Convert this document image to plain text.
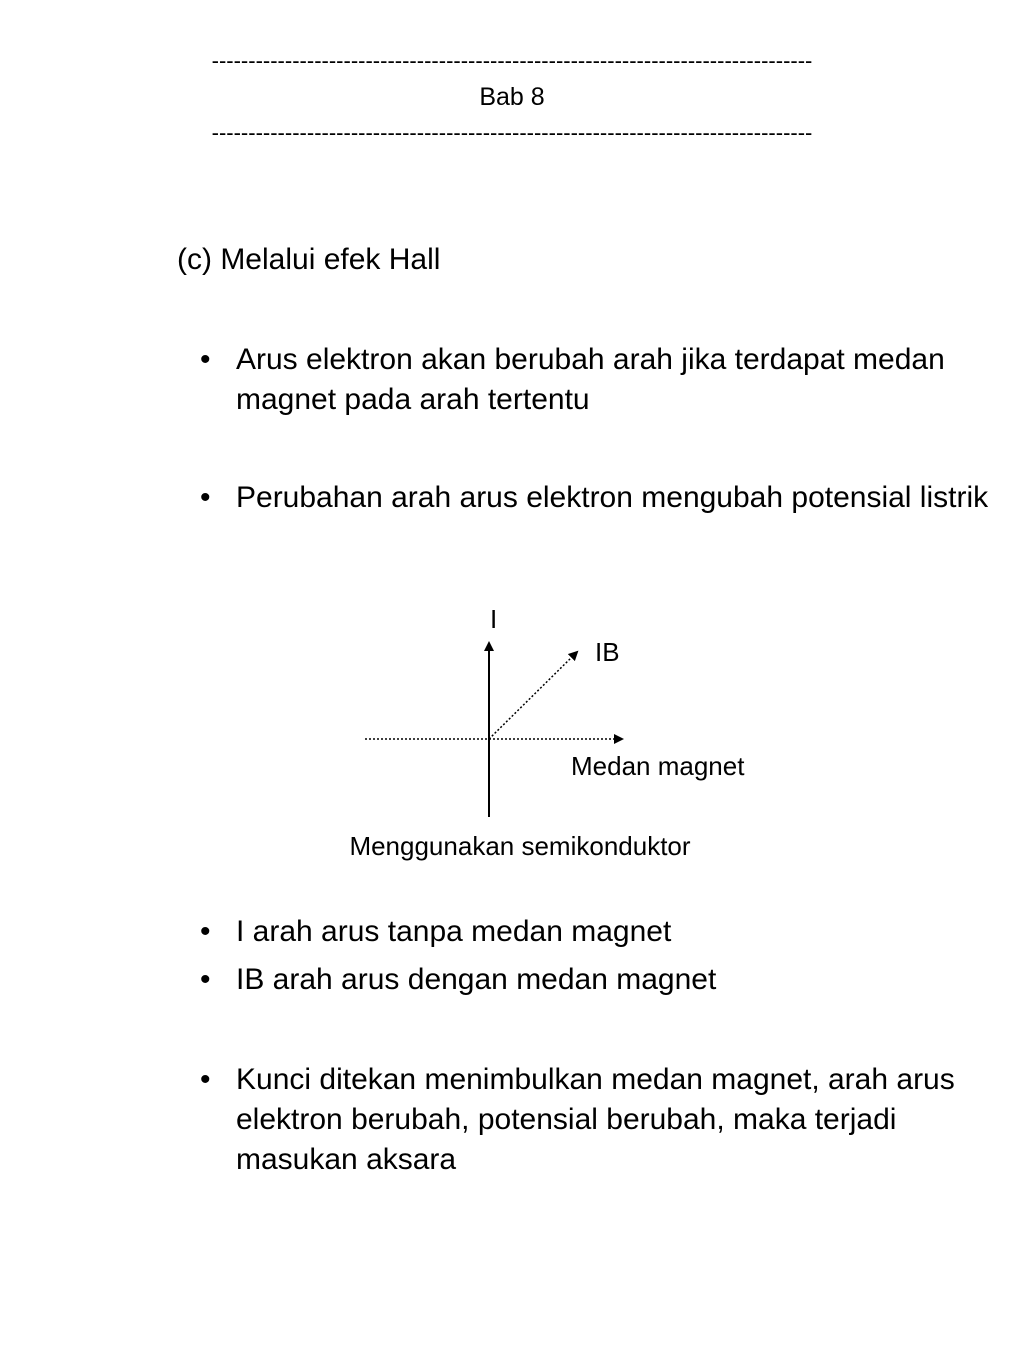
----------------------------------------------------------------------------------
Bab 8
----------------------------------------------------------------------------------
(c) Melalui efek Hall
• Arus elektron akan berubah arah jika terdapat medan magnet pada arah tertentu
• Perubahan arah arus elektron mengubah potensial listrik
I
IB
Medan magnet
Menggunakan semikonduktor
• I arah arus tanpa medan magnet
• IB arah arus dengan medan magnet
• Kunci ditekan menimbulkan medan magnet, arah arus elektron berubah, potensial berubah, maka terjadi masukan aksara
